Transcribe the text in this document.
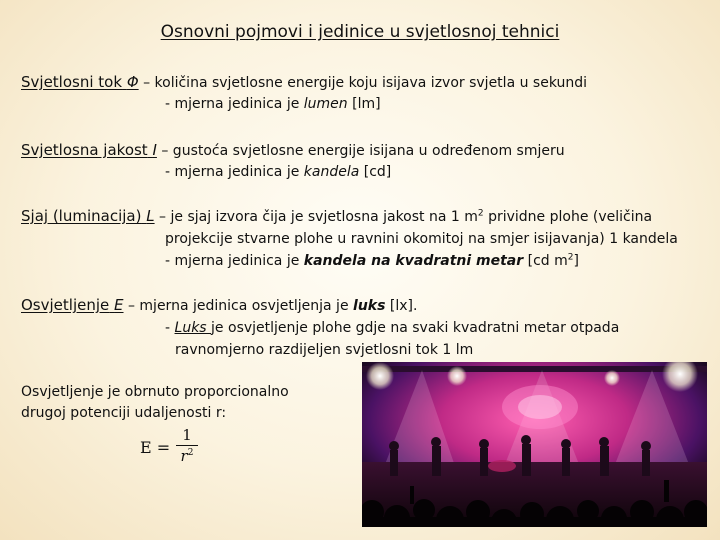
Osnovni pojmovi i jedinice u svjetlosnoj tehnici
Svjetlosni tok Φ – količina svjetlosne energije koju isijava izvor svjetla u sekundi
- mjerna jedinica je lumen [lm]
Svjetlosna jakost I – gustoća svjetlosne energije isijana u određenom smjeru
- mjerna jedinica je kandela [cd]
Sjaj (luminacija) L – je sjaj izvora čija je svjetlosna jakost na 1 $m^2$ prividne plohe (veličina
projekcije stvarne plohe u ravnini okomitoj na smjer isijavanja) 1 kandela
- mjerna jedinica je kandela na kvadratni metar [cd $m^2$]
Osvjetljenje E – mjerna jedinica osvjetljenja je luks [lx].
- Luks je osvjetljenje plohe gdje na svaki kvadratni metar otpada
ravnomjerno razdijeljen svjetlosni tok 1 lm
Osvjetljenje je obrnuto proporcionalno
drugoj potenciji udaljenosti r:
E =
1
$r^2$
